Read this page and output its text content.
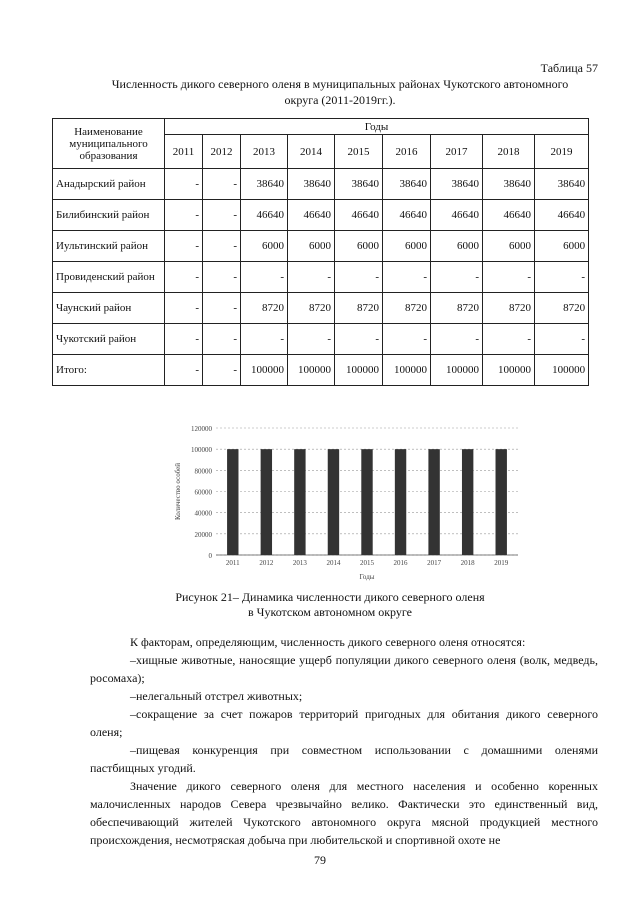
Таблица 57
Численность дикого северного оленя в муниципальных районах Чукотского автономного
округа (2011-2019гг.).
Наименование муниципального образования	Годы								
	2011	2012	2013	2014	2015	2016	2017	2018	2019
Анадырский район	-	-	38640	38640	38640	38640	38640	38640	38640
Билибинский район	-	-	46640	46640	46640	46640	46640	46640	46640
Иультинский район	-	-	6000	6000	6000	6000	6000	6000	6000
Провиденский район	-	-	-	-	-	-	-	-	-
Чаунский район	-	-	8720	8720	8720	8720	8720	8720	8720
Чукотский район	-	-	-	-	-	-	-	-	-
Итого:	-	-	100000	100000	100000	100000	100000	100000	100000
0
20000
40000
60000
80000
100000
120000
2011	2012	2013	2014	2015	2016	2017	2018	2019
Годы
Количество особей
Рисунок 21– Динамика численности дикого северного оленя
в Чукотском автономном округе
К факторам, определяющим, численность дикого северного оленя относятся:
–хищные животные, наносящие ущерб популяции дикого северного оленя (волк, медведь, росомаха);
–нелегальный отстрел животных;
–сокращение за счет пожаров территорий пригодных для обитания дикого северного оленя;
–пищевая конкуренция при совместном использовании с домашними оленями пастбищных угодий.
Значение дикого северного оленя для местного населения и особенно коренных малочисленных народов Севера чрезвычайно велико. Фактически это единственный вид, обеспечивающий жителей Чукотского автономного округа мясной продукцией местного происхождения, несмотряская добыча при любительской и спортивной охоте не
79
